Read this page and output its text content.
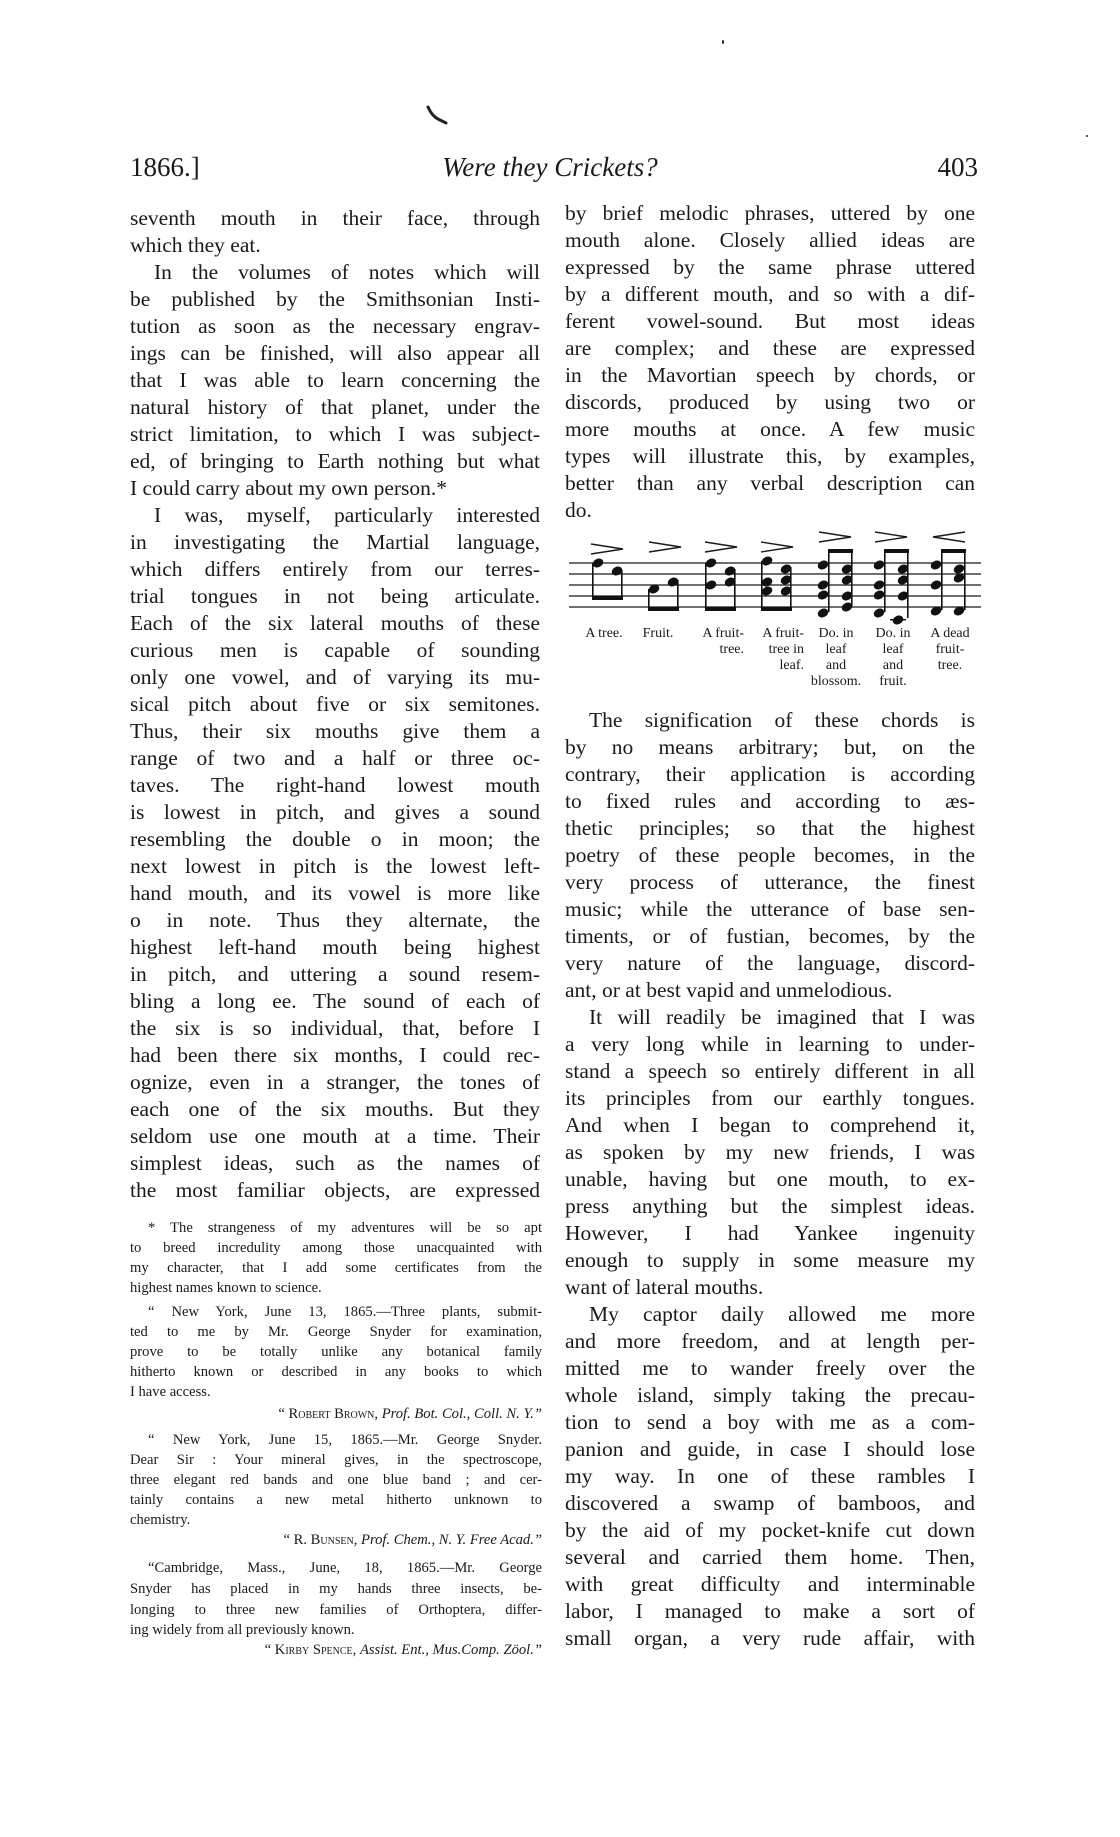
1866.]	Were they Crickets?	403
seventh mouth in their face, through
which they eat.
In the volumes of notes which will
be published by the Smithsonian Insti-
tution as soon as the necessary engrav-
ings can be finished, will also appear all
that I was able to learn concerning the
natural history of that planet, under the
strict limitation, to which I was subject-
ed, of bringing to Earth nothing but what
I could carry about my own person.*
I was, myself, particularly interested
in investigating the Martial language,
which differs entirely from our terres-
trial tongues in not being articulate.
Each of the six lateral mouths of these
curious men is capable of sounding
only one vowel, and of varying its mu-
sical pitch about five or six semitones.
Thus, their six mouths give them a
range of two and a half or three oc-
taves. The right-hand lowest mouth
is lowest in pitch, and gives a sound
resembling the double o in moon; the
next lowest in pitch is the lowest left-
hand mouth, and its vowel is more like
o in note. Thus they alternate, the
highest left-hand mouth being highest
in pitch, and uttering a sound resem-
bling a long ee. The sound of each of
the six is so individual, that, before I
had been there six months, I could rec-
ognize, even in a stranger, the tones of
each one of the six mouths. But they
seldom use one mouth at a time. Their
simplest ideas, such as the names of
the most familiar objects, are expressed
* The strangeness of my adventures will be so apt
to breed incredulity among those unacquainted with
my character, that I add some certificates from the
highest names known to science.
“ New York, June 13, 1865.—Three plants, submit-
ted to me by Mr. George Snyder for examination,
prove to be totally unlike any botanical family
hitherto known or described in any books to which
I have access.
“ Robert Brown, Prof. Bot. Col., Coll. N. Y.”
“ New York, June 15, 1865.—Mr. George Snyder.
Dear Sir : Your mineral gives, in the spectroscope,
three elegant red bands and one blue band ; and cer-
tainly contains a new metal hitherto unknown to
chemistry.
“ R. Bunsen, Prof. Chem., N. Y. Free Acad.”
“Cambridge, Mass., June, 18, 1865.—Mr. George
Snyder has placed in my hands three insects, be-
longing to three new families of Orthoptera, differ-
ing widely from all previously known.
“ Kirby Spence, Assist. Ent., Mus.Comp. Zöol.”
by brief melodic phrases, uttered by one
mouth alone. Closely allied ideas are
expressed by the same phrase uttered
by a different mouth, and so with a dif-
ferent vowel-sound. But most ideas
are complex; and these are expressed
in the Mavortian speech by chords, or
discords, produced by using two or
more mouths at once. A few music
types will illustrate this, by examples,
better than any verbal description can
do.
A tree.	Fruit.	A fruit-
tree.
A fruit-
tree in
leaf.
Do. in
leaf
and
blossom.
Do. in
leaf
and
fruit.
A dead
fruit-
tree.
The signification of these chords is
by no means arbitrary; but, on the
contrary, their application is according
to fixed rules and according to æs-
thetic principles; so that the highest
poetry of these people becomes, in the
very process of utterance, the finest
music; while the utterance of base sen-
timents, or of fustian, becomes, by the
very nature of the language, discord-
ant, or at best vapid and unmelodious.
It will readily be imagined that I was
a very long while in learning to under-
stand a speech so entirely different in all
its principles from our earthly tongues.
And when I began to comprehend it,
as spoken by my new friends, I was
unable, having but one mouth, to ex-
press anything but the simplest ideas.
However, I had Yankee ingenuity
enough to supply in some measure my
want of lateral mouths.
My captor daily allowed me more
and more freedom, and at length per-
mitted me to wander freely over the
whole island, simply taking the precau-
tion to send a boy with me as a com-
panion and guide, in case I should lose
my way. In one of these rambles I
discovered a swamp of bamboos, and
by the aid of my pocket-knife cut down
several and carried them home. Then,
with great difficulty and interminable
labor, I managed to make a sort of
small organ, a very rude affair, with
